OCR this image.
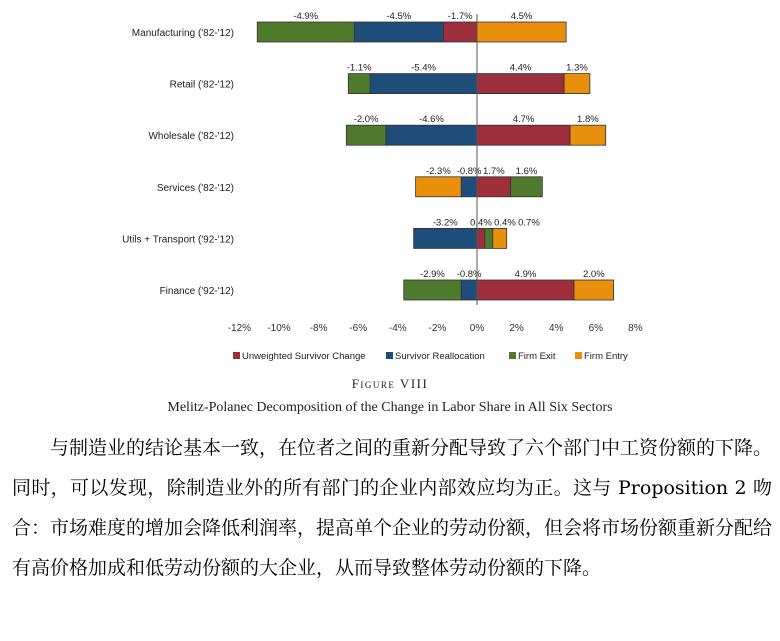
Manufacturing ('82-'12)
-4.9%	-4.5%	-1.7%	4.5%
Retail ('82-'12)
-1.1%	-5.4%	4.4%	1.3%
Wholesale ('82-'12)
-2.0%	-4.6%	4.7%	1.8%
Services ('82-'12)
-2.3% -0.8% 1.7% 1.6%
Utils + Transport ('92-'12)
-3.2% 0.4% 0.4% 0.7%
Finance ('92-'12)
-2.9% -0.8%	4.9%	2.0%
-12% -10% -8% -6% -4% -2% 0%	2%	4%	6%	8%
Unweighted Survivor Change	Survivor Reallocation	Firm Exit	Firm Entry
Figure VIII
Melitz-Polanec Decomposition of the Change in Labor Share in All Six Sectors

与制造业的结论基本一致，在位者之间的重新分配导致了六个部门中工资份额的下降。同时，可以发现，除制造业外的所有部门的企业内部效应均为正。这与 Proposition 2 吻合：市场难度的增加会降低利润率，提高单个企业的劳动份额，但会将市场份额重新分配给有高价格加成和低劳动份额的大企业，从而导致整体劳动份额的下降。
